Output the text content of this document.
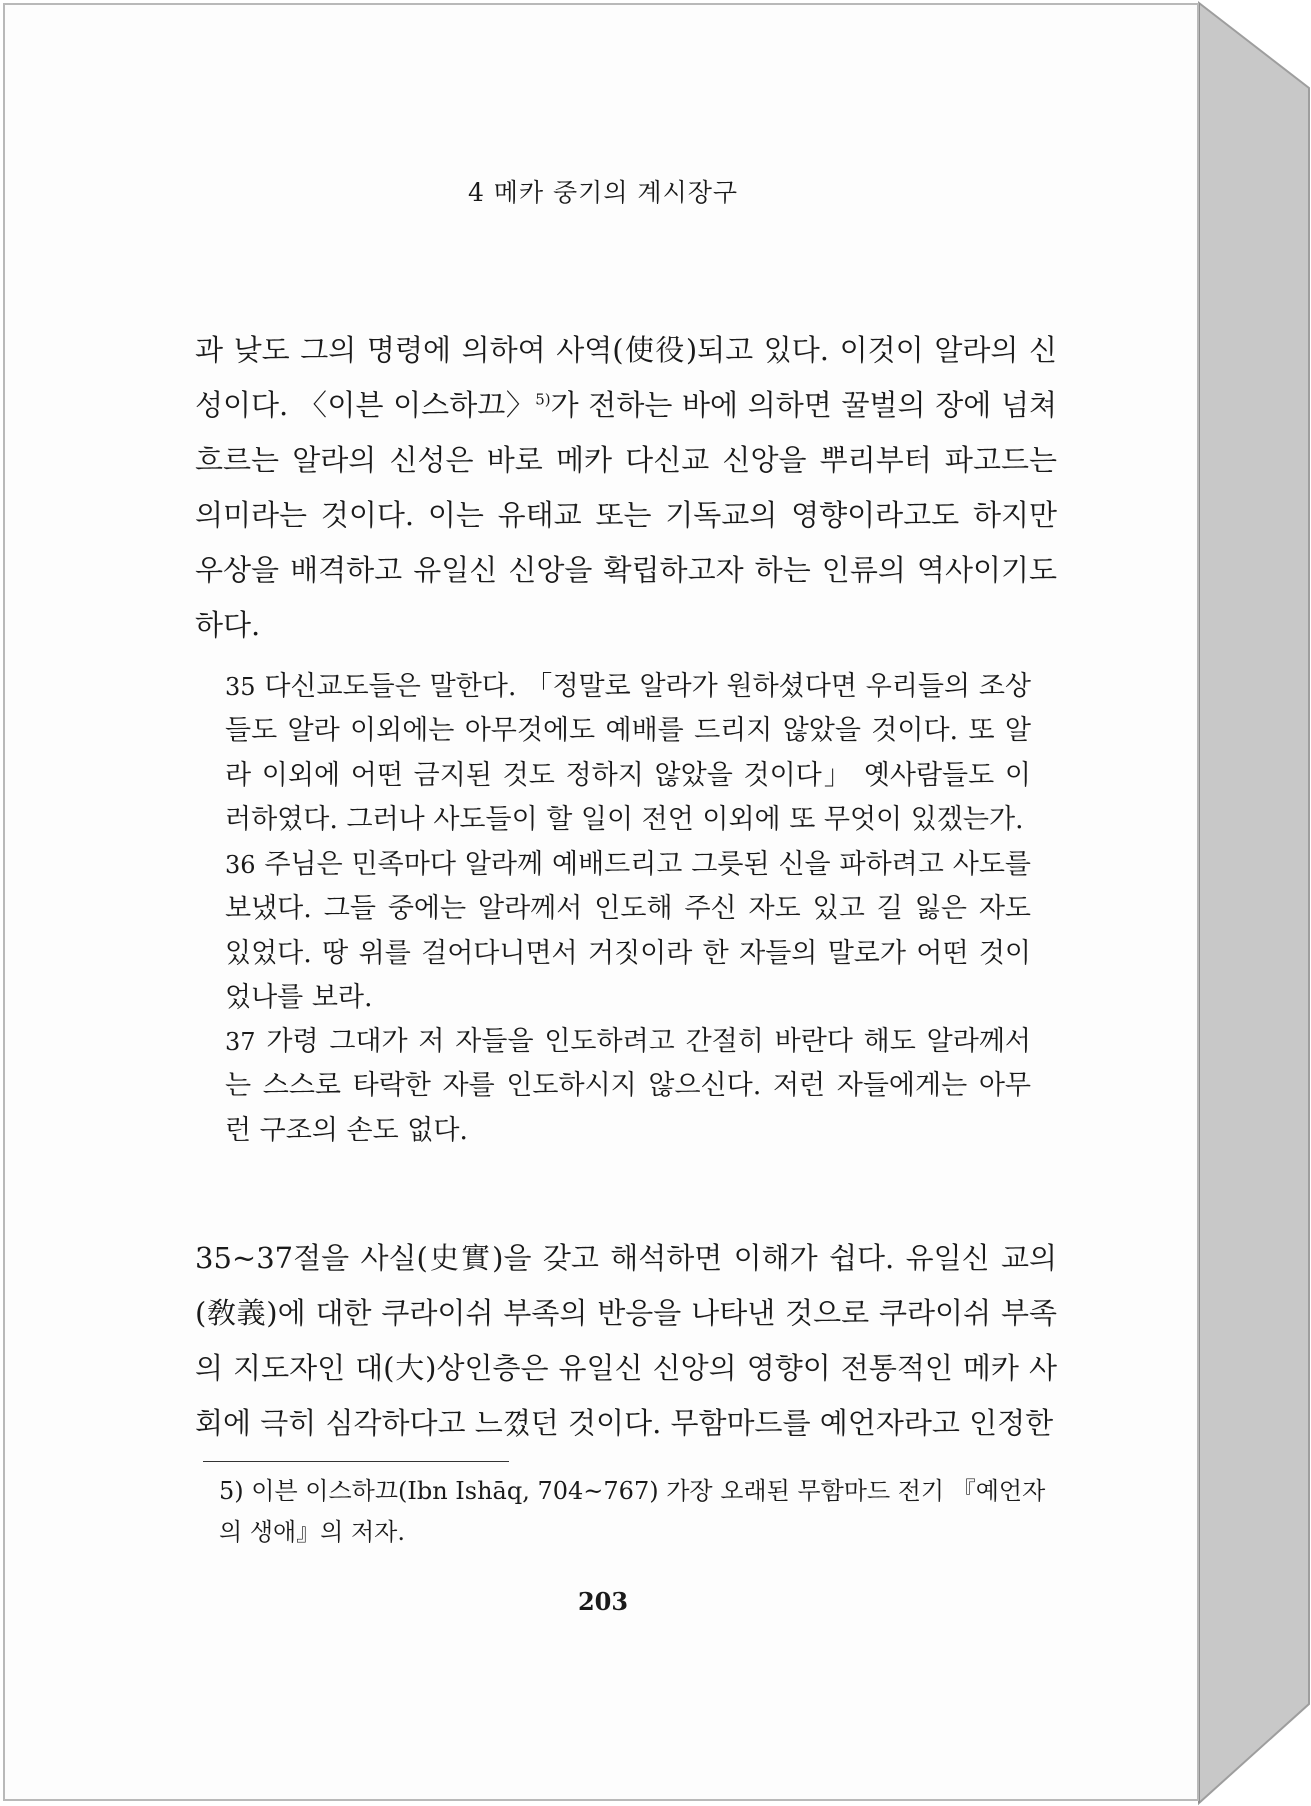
4 메카 중기의 계시장구

과 낮도 그의 명령에 의하여 사역(使役)되고 있다. 이것이 알라의 신성이다. 〈이븐 이스하끄〉$^{5)}$가 전하는 바에 의하면 꿀벌의 장에 넘쳐흐르는 알라의 신성은 바로 메카 다신교 신앙을 뿌리부터 파고드는 의미라는 것이다. 이는 유태교 또는 기독교의 영향이라고도 하지만 우상을 배격하고 유일신 신앙을 확립하고자 하는 인류의 역사이기도 하다.

35 다신교도들은 말한다. 「정말로 알라가 원하셨다면 우리들의 조상들도 알라 이외에는 아무것에도 예배를 드리지 않았을 것이다. 또 알라 이외에 어떤 금지된 것도 정하지 않았을 것이다」 옛사람들도 이러하였다. 그러나 사도들이 할 일이 전언 이외에 또 무엇이 있겠는가.

36 주님은 민족마다 알라께 예배드리고 그릇된 신을 파하려고 사도를 보냈다. 그들 중에는 알라께서 인도해 주신 자도 있고 길 잃은 자도 있었다. 땅 위를 걸어다니면서 거짓이라 한 자들의 말로가 어떤 것이었나를 보라.

37 가령 그대가 저 자들을 인도하려고 간절히 바란다 해도 알라께서는 스스로 타락한 자를 인도하시지 않으신다. 저런 자들에게는 아무런 구조의 손도 없다.

35~37절을 사실(史實)을 갖고 해석하면 이해가 쉽다. 유일신 교의(敎義)에 대한 쿠라이쉬 부족의 반응을 나타낸 것으로 쿠라이쉬 부족의 지도자인 대(大)상인층은 유일신 신앙의 영향이 전통적인 메카 사회에 극히 심각하다고 느꼈던 것이다. 무함마드를 예언자라고 인정한

5) 이븐 이스하끄(Ibn Ishāq, 704~767) 가장 오래된 무함마드 전기 『예언자의 생애』의 저자.

203
